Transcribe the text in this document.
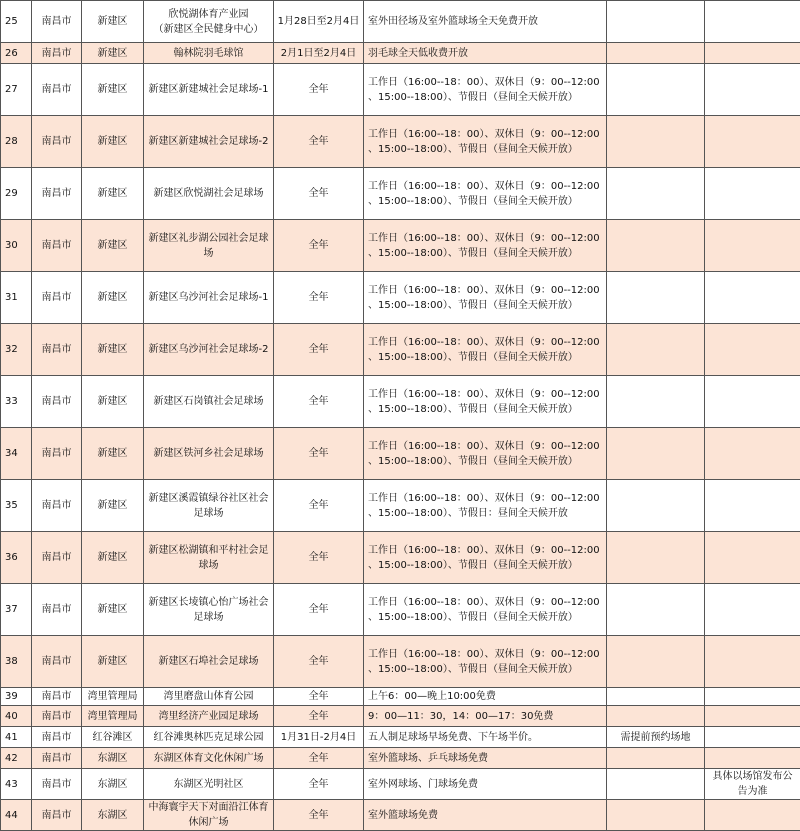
25	南昌市	新建区	欣悦湖体育产业园
（新建区全民健身中心）	1月28日至2月4日	室外田径场及室外篮球场全天免费开放		
26	南昌市	新建区	翰林院羽毛球馆	2月1日至2月4日	羽毛球全天低收费开放		
27	南昌市	新建区	新建区新建城社会足球场-1	全年	工作日（16:00--18：00）、双休日（9：00--12:00
、15:00--18:00）、节假日（昼间全天候开放）		
28	南昌市	新建区	新建区新建城社会足球场-2	全年	工作日（16:00--18：00）、双休日（9：00--12:00
、15:00--18:00）、节假日（昼间全天候开放）		
29	南昌市	新建区	新建区欣悦湖社会足球场	全年	工作日（16:00--18：00）、双休日（9：00--12:00
、15:00--18:00）、节假日（昼间全天候开放）		
30	南昌市	新建区	新建区礼步湖公园社会足球
场	全年	工作日（16:00--18：00）、双休日（9：00--12:00
、15:00--18:00）、节假日（昼间全天候开放）		
31	南昌市	新建区	新建区乌沙河社会足球场-1	全年	工作日（16:00--18：00）、双休日（9：00--12:00
、15:00--18:00）、节假日（昼间全天候开放）		
32	南昌市	新建区	新建区乌沙河社会足球场-2	全年	工作日（16:00--18：00）、双休日（9：00--12:00
、15:00--18:00）、节假日（昼间全天候开放）		
33	南昌市	新建区	新建区石岗镇社会足球场	全年	工作日（16:00--18：00）、双休日（9：00--12:00
、15:00--18:00）、节假日（昼间全天候开放）		
34	南昌市	新建区	新建区铁河乡社会足球场	全年	工作日（16:00--18：00）、双休日（9：00--12:00
、15:00--18:00）、节假日（昼间全天候开放）		
35	南昌市	新建区	新建区溪霞镇绿谷社区社会
足球场	全年	工作日（16:00--18：00）、双休日（9：00--12:00
、15:00--18:00）、节假日：昼间全天候开放		
36	南昌市	新建区	新建区松湖镇和平村社会足
球场	全年	工作日（16:00--18：00）、双休日（9：00--12:00
、15:00--18:00）、节假日（昼间全天候开放）		
37	南昌市	新建区	新建区长堎镇心怡广场社会
足球场	全年	工作日（16:00--18：00）、双休日（9：00--12:00
、15:00--18:00）、节假日（昼间全天候开放）		
38	南昌市	新建区	新建区石埠社会足球场	全年	工作日（16:00--18：00）、双休日（9：00--12:00
、15:00--18:00）、节假日（昼间全天候开放）		
39	南昌市	湾里管理局	湾里磨盘山体育公园	全年	上午6：00—晚上10:00免费		
40	南昌市	湾里管理局	湾里经济产业园足球场	全年	9：00—11：30，14：00—17：30免费		
41	南昌市	红谷滩区	红谷滩奥林匹克足球公园	1月31日-2月4日	五人制足球场早场免费、下午场半价。	需提前预约场地	
42	南昌市	东湖区	东湖区体育文化休闲广场	全年	室外篮球场、乒乓球场免费		
43	南昌市	东湖区	东湖区光明社区	全年	室外网球场、门球场免费		具体以场馆发布公告为准
44	南昌市	东湖区	中海寰宇天下对面沿江体育
休闲广场	全年	室外篮球场免费		
